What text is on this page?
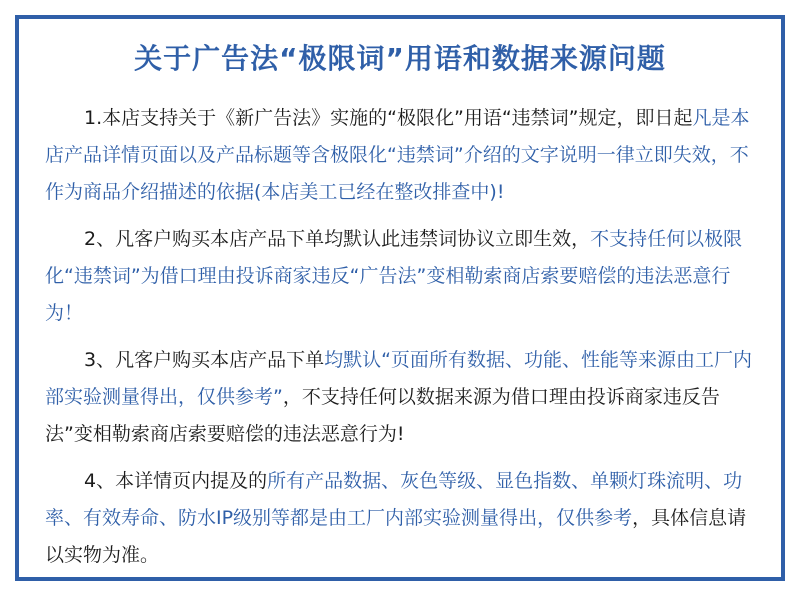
关于广告法“极限词”用语和数据来源问题
1.本店支持关于《新广告法》实施的“极限化”用语“违禁词”规定，即日起凡是本店产品详情页面以及产品标题等含极限化“违禁词”介绍的文字说明一律立即失效，不作为商品介绍描述的依据(本店美工已经在整改排查中)!
2、凡客户购买本店产品下单均默认此违禁词协议立即生效，不支持任何以极限化“违禁词”为借口理由投诉商家违反“广告法”变相勒索商店索要赔偿的违法恶意行为！
3、凡客户购买本店产品下单均默认“页面所有数据、功能、性能等来源由工厂内部实验测量得出，仅供参考”，不支持任何以数据来源为借口理由投诉商家违反告法”变相勒索商店索要赔偿的违法恶意行为!
4、本详情页内提及的所有产品数据、灰色等级、显色指数、单颗灯珠流明、功率、有效寿命、防水IP级别等都是由工厂内部实验测量得出，仅供参考，具体信息请以实物为准。
